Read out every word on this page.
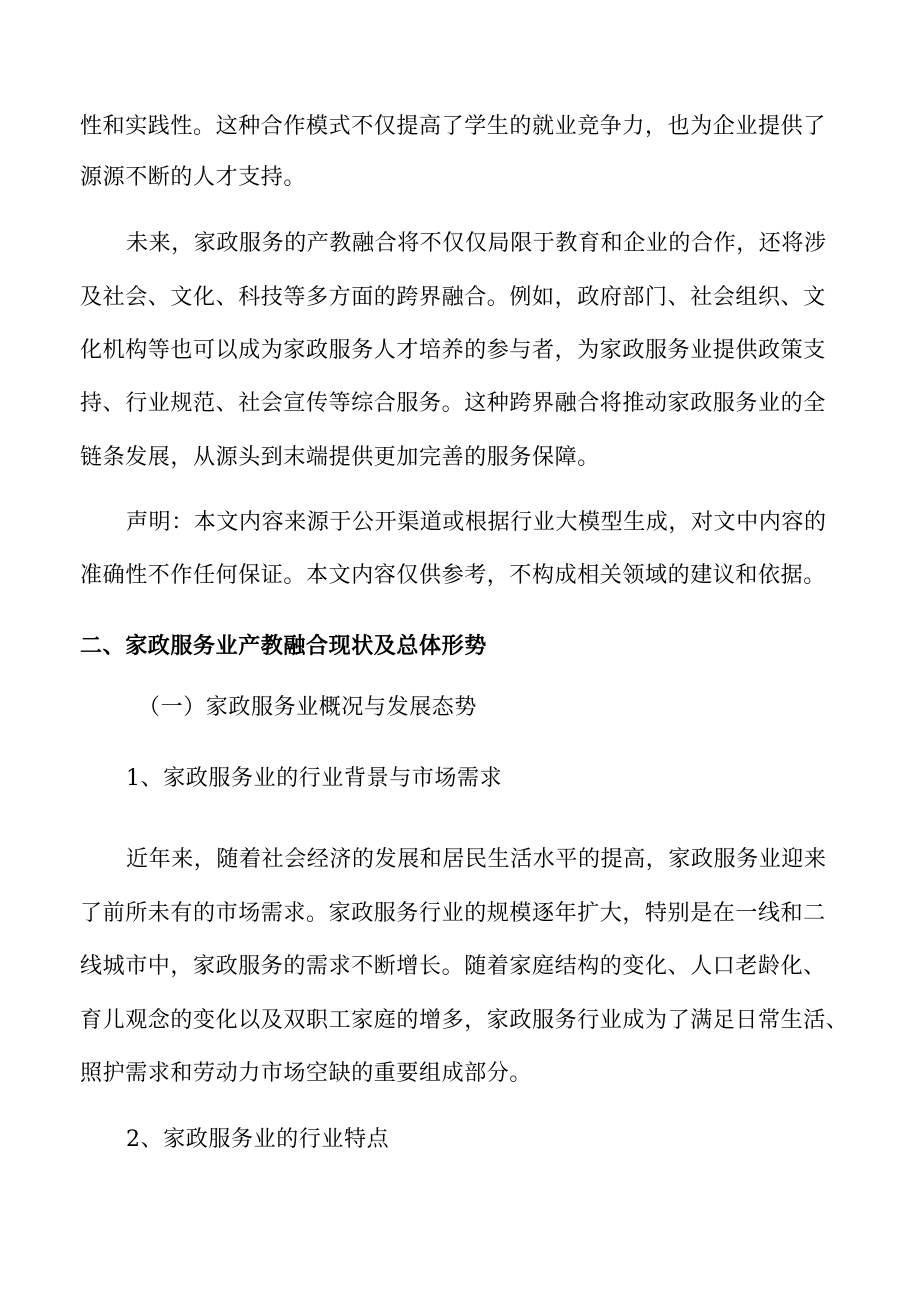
性和实践性。这种合作模式不仅提高了学生的就业竞争力，也为企业提供了
源源不断的人才支持。
未来，家政服务的产教融合将不仅仅局限于教育和企业的合作，还将涉
及社会、文化、科技等多方面的跨界融合。例如，政府部门、社会组织、文
化机构等也可以成为家政服务人才培养的参与者，为家政服务业提供政策支
持、行业规范、社会宣传等综合服务。这种跨界融合将推动家政服务业的全
链条发展，从源头到末端提供更加完善的服务保障。
声明：本文内容来源于公开渠道或根据行业大模型生成，对文中内容的
准确性不作任何保证。本文内容仅供参考，不构成相关领域的建议和依据。
二、家政服务业产教融合现状及总体形势
（一）家政服务业概况与发展态势
1、家政服务业的行业背景与市场需求
近年来，随着社会经济的发展和居民生活水平的提高，家政服务业迎来
了前所未有的市场需求。家政服务行业的规模逐年扩大，特别是在一线和二
线城市中，家政服务的需求不断增长。随着家庭结构的变化、人口老龄化、
育儿观念的变化以及双职工家庭的增多，家政服务行业成为了满足日常生活、
照护需求和劳动力市场空缺的重要组成部分。
2、家政服务业的行业特点
